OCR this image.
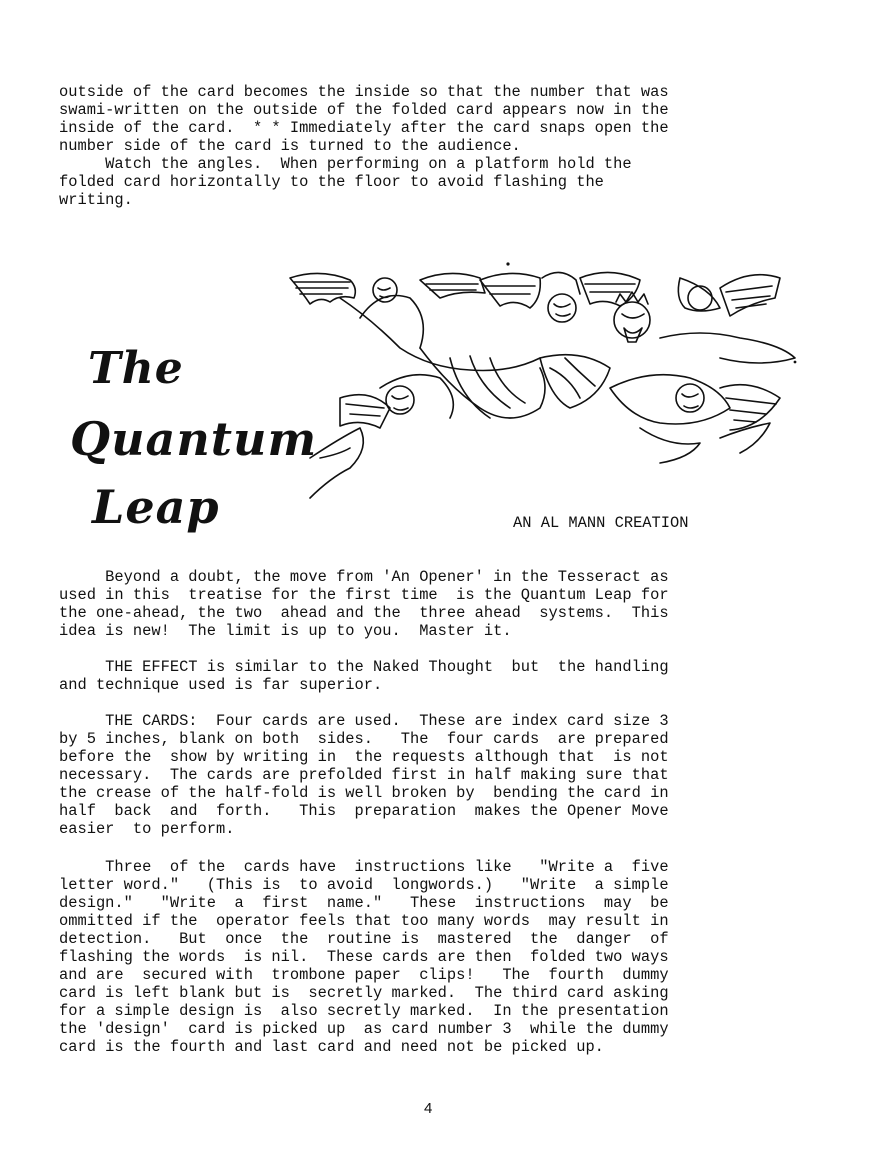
outside of the card becomes the inside so that the number that was
swami-written on the outside of the folded card appears now in the
inside of the card.  * * Immediately after the card snaps open the
number side of the card is turned to the audience.
Watch the angles.  When performing on a platform hold the
folded card horizontally to the floor to avoid flashing the
writing.
The
Quantum
Leap	AN AL MANN CREATION
Beyond a doubt, the move from 'An Opener' in the Tesseract as
used in this  treatise for the first time  is the Quantum Leap for
the one-ahead, the two  ahead and the  three ahead  systems.  This
idea is new!  The limit is up to you.  Master it.
THE EFFECT is similar to the Naked Thought  but  the handling
and technique used is far superior.
THE CARDS:  Four cards are used.  These are index card size 3
by 5 inches, blank on both  sides.   The  four cards  are prepared
before the  show by writing in  the requests although that  is not
necessary.  The cards are prefolded first in half making sure that
the crease of the half-fold is well broken by  bending the card in
half  back  and  forth.   This  preparation  makes the Opener Move
easier  to perform.
Three  of the  cards have  instructions like   "Write a  five
letter word."   (This is  to avoid  longwords.)   "Write  a simple
design."   "Write  a  first  name."   These  instructions  may  be
ommitted if the  operator feels that too many words  may result in
detection.   But  once  the  routine is  mastered  the  danger  of
flashing the words  is nil.  These cards are then  folded two ways
and are  secured with  trombone paper  clips!   The  fourth  dummy
card is left blank but is  secretly marked.  The third card asking
for a simple design is  also secretly marked.  In the presentation
the 'design'  card is picked up  as card number 3  while the dummy
card is the fourth and last card and need not be picked up.
4
